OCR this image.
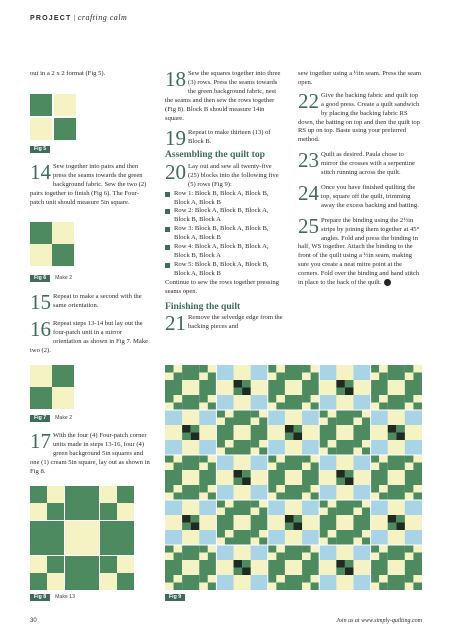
PROJECT | crafting calm

out in a 2 x 2 format (Fig 5).

Fig 5
14 Sew together into pairs and then press the seams towards the green background fabric. Sew the two (2) pairs together to finish (Fig 6). The Four-patch unit should measure 5in square.
Fig 6 Make 2
15 Repeat to make a second with the same orientation.
16 Repeat steps 13-14 but lay out the four-patch unit in a mirror orientation as shown in Fig 7. Make two (2).
Fig 7 Make 2
17 With the four (4) Four-patch corner units made in steps 13-16, four (4) green background 5in squares and one (1) cream 5in square, lay out as shown in Fig 8.
Fig 8 Make 13
18 Sew the squares together into three (3) rows. Press the seams towards the green background fabric, nest the seams and then sew the rows together (Fig 8). Block B should measure 14in square.
19 Repeat to make thirteen (13) of Block B.
Assembling the quilt top
20 Lay out and sew all twenty-five (25) blocks into the following five (5) rows (Fig 9):
Row 1: Block B, Block A, Block B, Block A, Block B
Row 2: Block A, Block B, Block A, Block B, Block A
Row 3: Block B, Block A, Block B, Block A, Block B
Row 4: Block A, Block B, Block A, Block B, Block A
Row 5: Block B, Block A, Block B, Block A, Block B
Continue to sew the rows together pressing seams open.
Finishing the quilt
21 Remove the selvedge edge from the backing pieces and

sew together using a ½in seam. Press the seam open.

22 Give the backing fabric and quilt top a good press. Create a quilt sandwich by placing the backing fabric RS down, the batting on top and then the quilt top RS up on top. Baste using your preferred method.
23 Quilt as desired. Paula chose to mirror the crosses with a serpentine stitch running across the quilt.
24 Once you have finished quilting the top, square off the quilt, trimming away the excess backing and batting.
25 Prepare the binding using the 2½in strips by joining them together at 45° angles. Fold and press the binding in half, WS together. Attach the binding to the front of the quilt using a ½in seam, making sure you create a neat mitre point at the corners. Fold over the binding and hand stitch in place to the back of the quilt.
Fig 9
30	Join us at www.simply-quilting.com
